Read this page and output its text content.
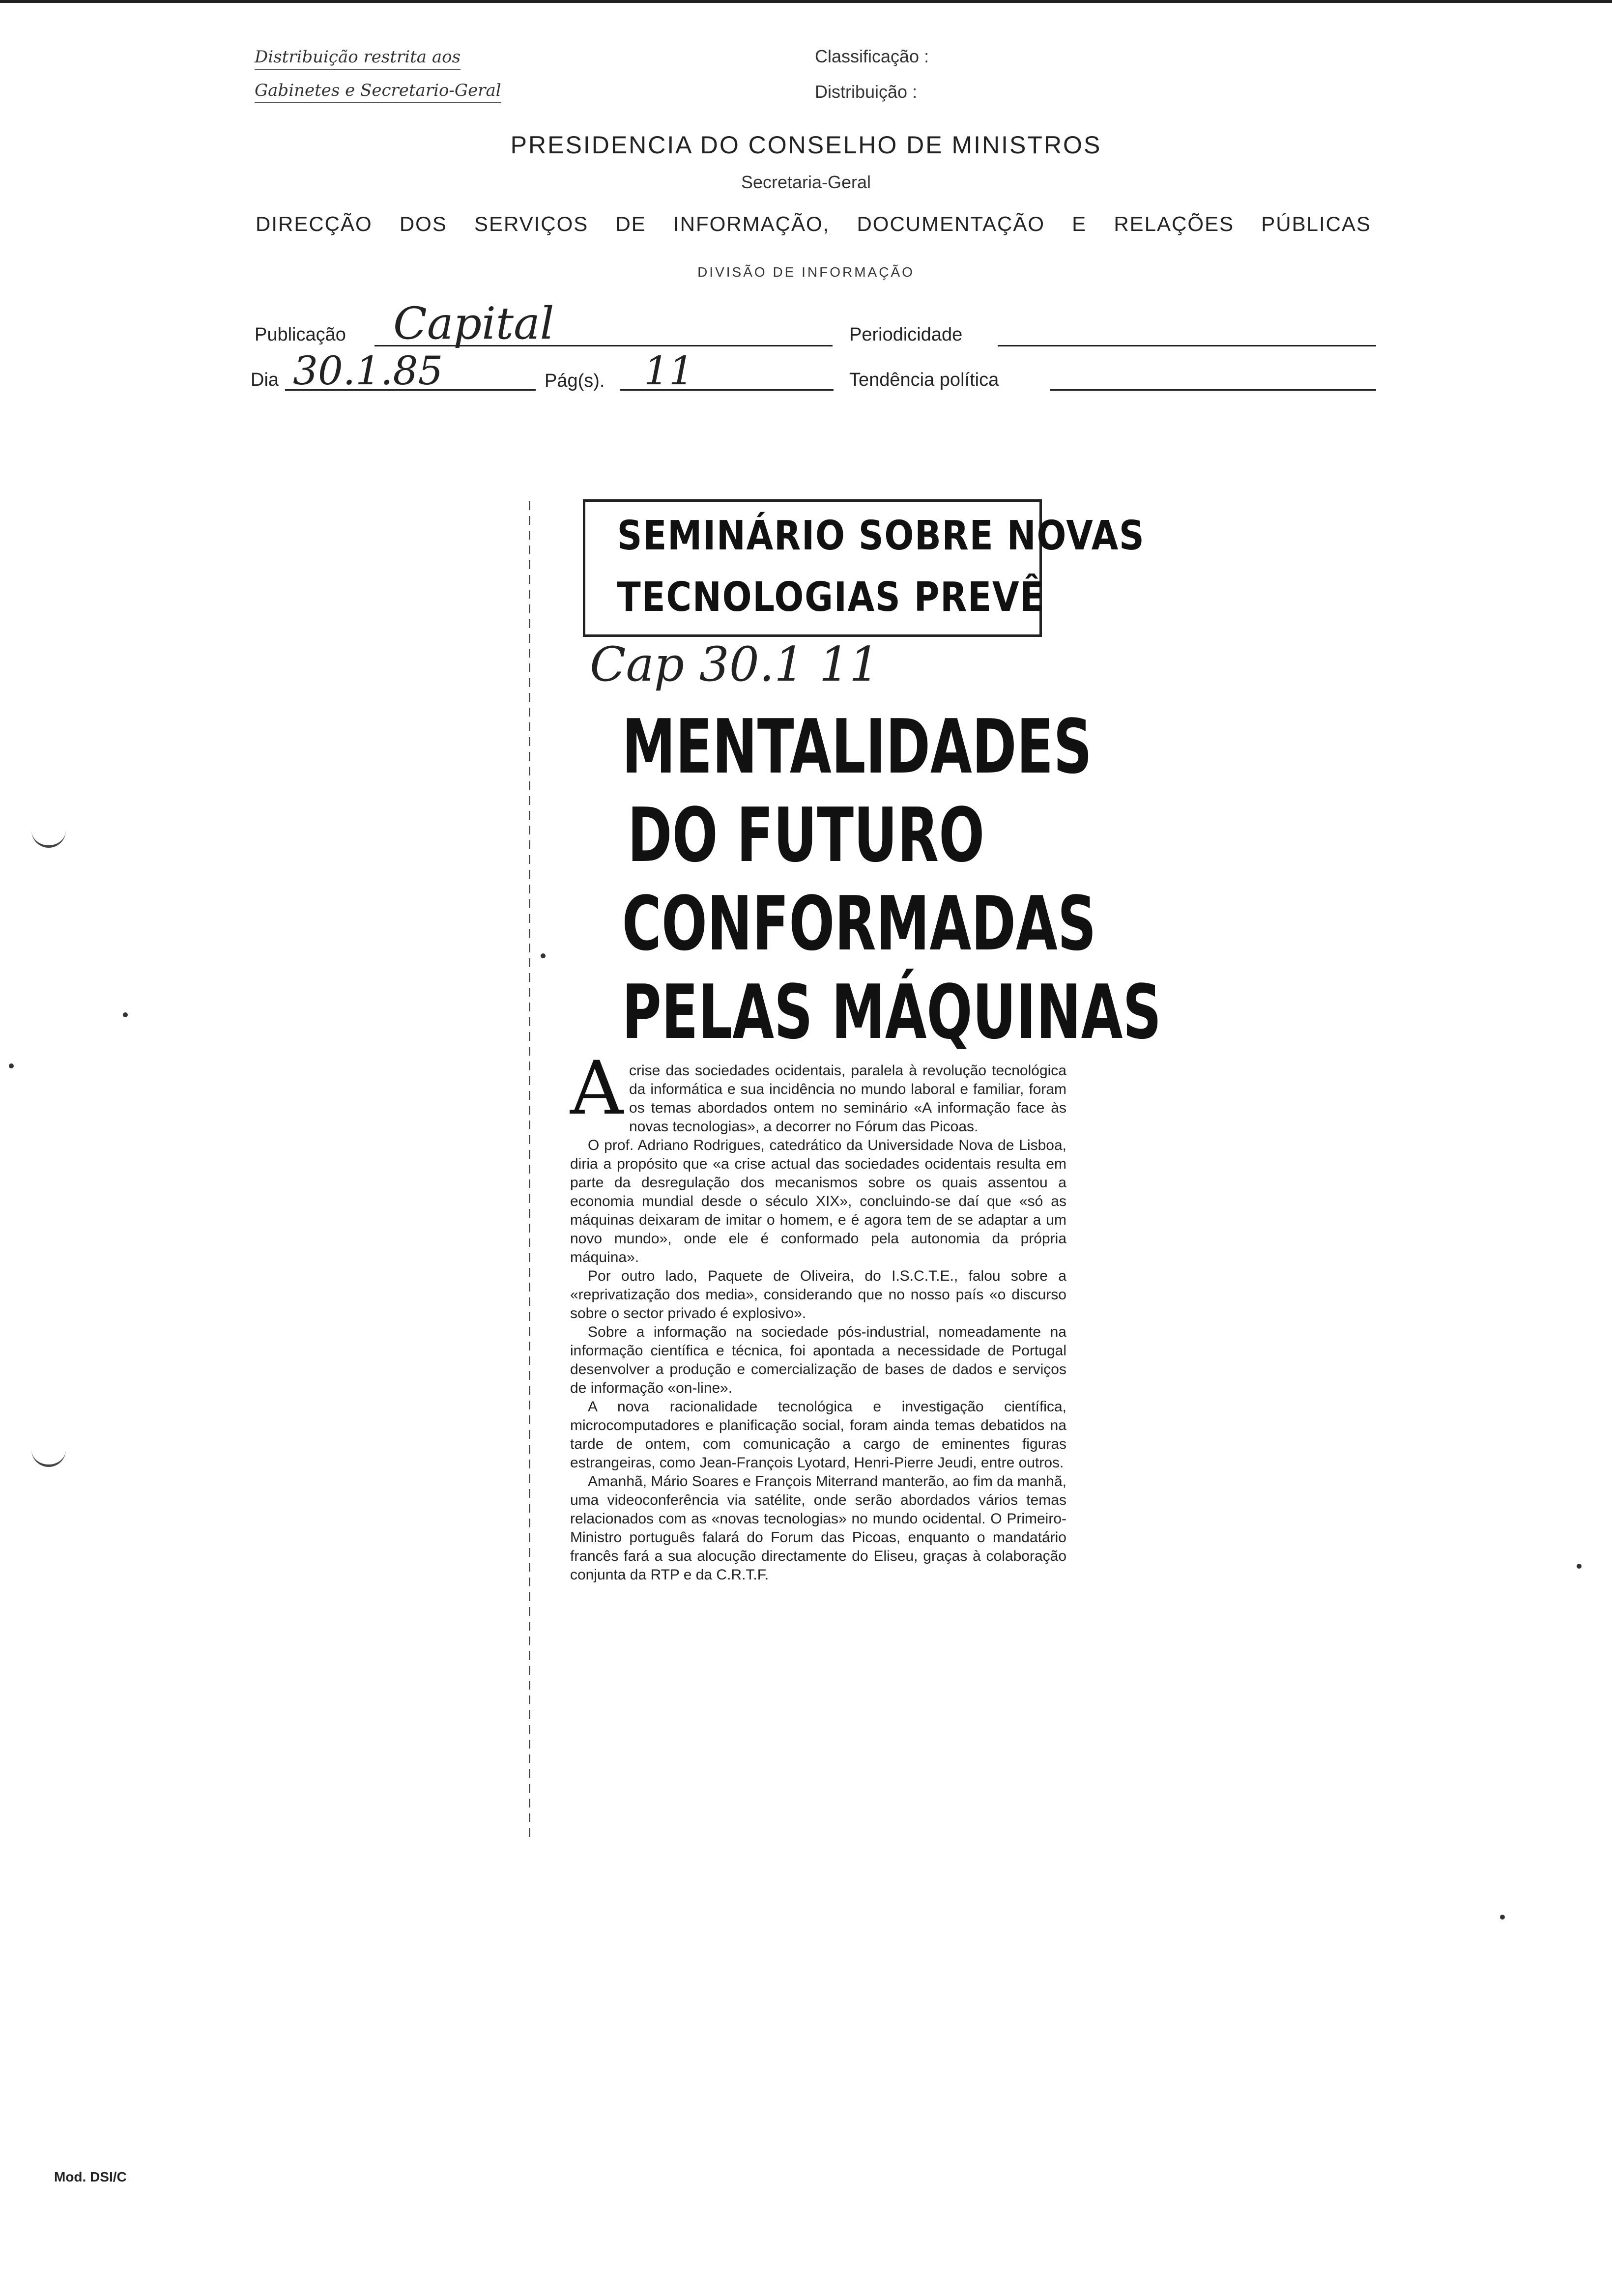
Distribuição restrita aos
Gabinetes e Secretario-Geral
Classificação :
Distribuição :
PRESIDENCIA DO CONSELHO DE MINISTROS
Secretaria-Geral
DIRECÇÃO DOS SERVIÇOS DE INFORMAÇÃO, DOCUMENTAÇÃO E RELAÇÕES PÚBLICAS
DIVISÃO DE INFORMAÇÃO
Publicação Capital	Periodicidade
Dia 30.1.85	Pág(s). 11	Tendência política
SEMINÁRIO SOBRE NOVAS
TECNOLOGIAS PREVÊ
Cap 30.1 11
MENTALIDADES
DO FUTURO
CONFORMADAS
PELAS MÁQUINAS
A crise das sociedades ocidentais, paralela à revolução tecnológica da informática e sua incidência no mundo laboral e familiar, foram os temas abordados ontem no seminário «A informação face às novas tecnologias», a decorrer no Fórum das Picoas.

O prof. Adriano Rodrigues, catedrático da Universidade Nova de Lisboa, diria a propósito que «a crise actual das sociedades ocidentais resulta em parte da desregulação dos mecanismos sobre os quais assentou a economia mundial desde o século XIX», concluindo-se daí que «só as máquinas deixaram de imitar o homem, e é agora tem de se adaptar a um novo mundo», onde ele é conformado pela autonomia da própria máquina».

Por outro lado, Paquete de Oliveira, do I.S.C.T.E., falou sobre a «reprivatização dos media», considerando que no nosso país «o discurso sobre o sector privado é explosivo».

Sobre a informação na sociedade pós-industrial, nomeadamente na informação científica e técnica, foi apontada a necessidade de Portugal desenvolver a produção e comercialização de bases de dados e serviços de informação «on-line».

A nova racionalidade tecnológica e investigação científica, microcomputadores e planificação social, foram ainda temas debatidos na tarde de ontem, com comunicação a cargo de eminentes figuras estrangeiras, como Jean-François Lyotard, Henri-Pierre Jeudi, entre outros.

Amanhã, Mário Soares e François Miterrand manterão, ao fim da manhã, uma videoconferência via satélite, onde serão abordados vários temas relacionados com as «novas tecnologias» no mundo ocidental. O Primeiro-Ministro português falará do Forum das Picoas, enquanto o mandatário francês fará a sua alocução directamente do Eliseu, graças à colaboração conjunta da RTP e da C.R.T.F.

Mod. DSI/C
